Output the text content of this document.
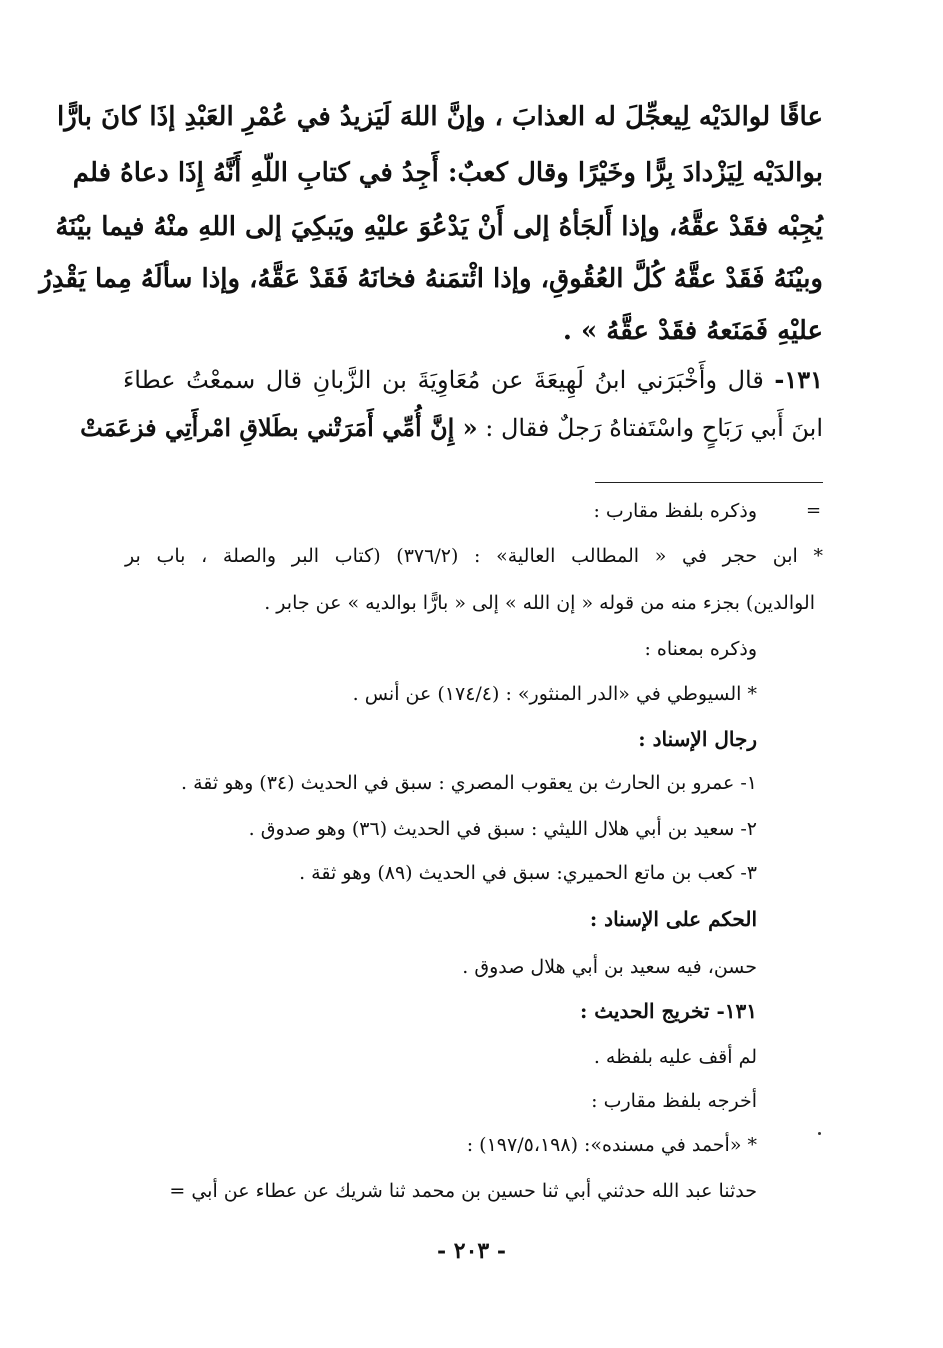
عاقًا لوالدَيْه لِيعجِّلَ له العذابَ ، وإنَّ اللهَ لَيَزيدُ في عُمْرِ العَبْدِ إذَا كانَ بارًّا
بوالدَيْه لِيَزْدادَ بِرًّا وخَيْرًا وقال كعبٌ: أَجِدُ في كتابِ اللّهِ أَنَّهُ إِذَا دعاهُ فلم
يُجِبْه فقَدْ عقَّهُ، وإذا أَلجَأهُ إلى أَنْ يَدْعُوَ عليْهِ ويَبكِيَ إلى اللهِ منْهُ فيما بيْنَهُ
وبيْنَهُ فَقَدْ عقَّهُ كُلَّ العُقُوقِ، وإذا ائْتمَنهُ فخانَهُ فَقَدْ عَقَّهُ، وإذا سألَهُ مِما يَقْدِرُ
عليْهِ فَمَنَعهُ فقَدْ عقَّهُ » .
١٣١- قال وأَخْبَرَني ابنُ لَهِيعَةَ عن مُعَاوِيَةَ بن الزَّبانِ قال سمعْتُ عطاءَ
ابنَ أَبي رَبَاحٍ واسْتَفتاهُ رَجلٌ فقال : « إِنَّ أُمِّي أَمَرَتْني بطَلاقِ امْرأَتِي فزعَمَتْ
=
وذكره بلفظ مقارب :
* ابن حجر في « المطالب العالية» : (٣٧٦/٢) (كتاب البر والصلة ، باب بر
الوالدين) بجزء منه من قوله « إن الله » إلى « بارًّا بوالديه » عن جابر .
وذكره بمعناه :
* السيوطي في «الدر المنثور» : (١٧٤/٤) عن أنس .
رجال الإسناد :
١- عمرو بن الحارث بن يعقوب المصري : سبق في الحديث (٣٤) وهو ثقة .
٢- سعيد بن أبي هلال الليثي : سبق في الحديث (٣٦) وهو صدوق .
٣- كعب بن ماتع الحميري: سبق في الحديث (٨٩) وهو ثقة .
الحكم على الإسناد :
حسن، فيه سعيد بن أبي هلال صدوق .
١٣١- تخريج الحديث :
لم أقف عليه بلفظه .
أخرجه بلفظ مقارب :
* «أحمد في مسنده»: (١٩٧/٥،١٩٨) :
حدثنا عبد الله حدثني أبي ثنا حسين بن محمد ثنا شريك عن عطاء عن أبي =
- ٢٠٣ -
